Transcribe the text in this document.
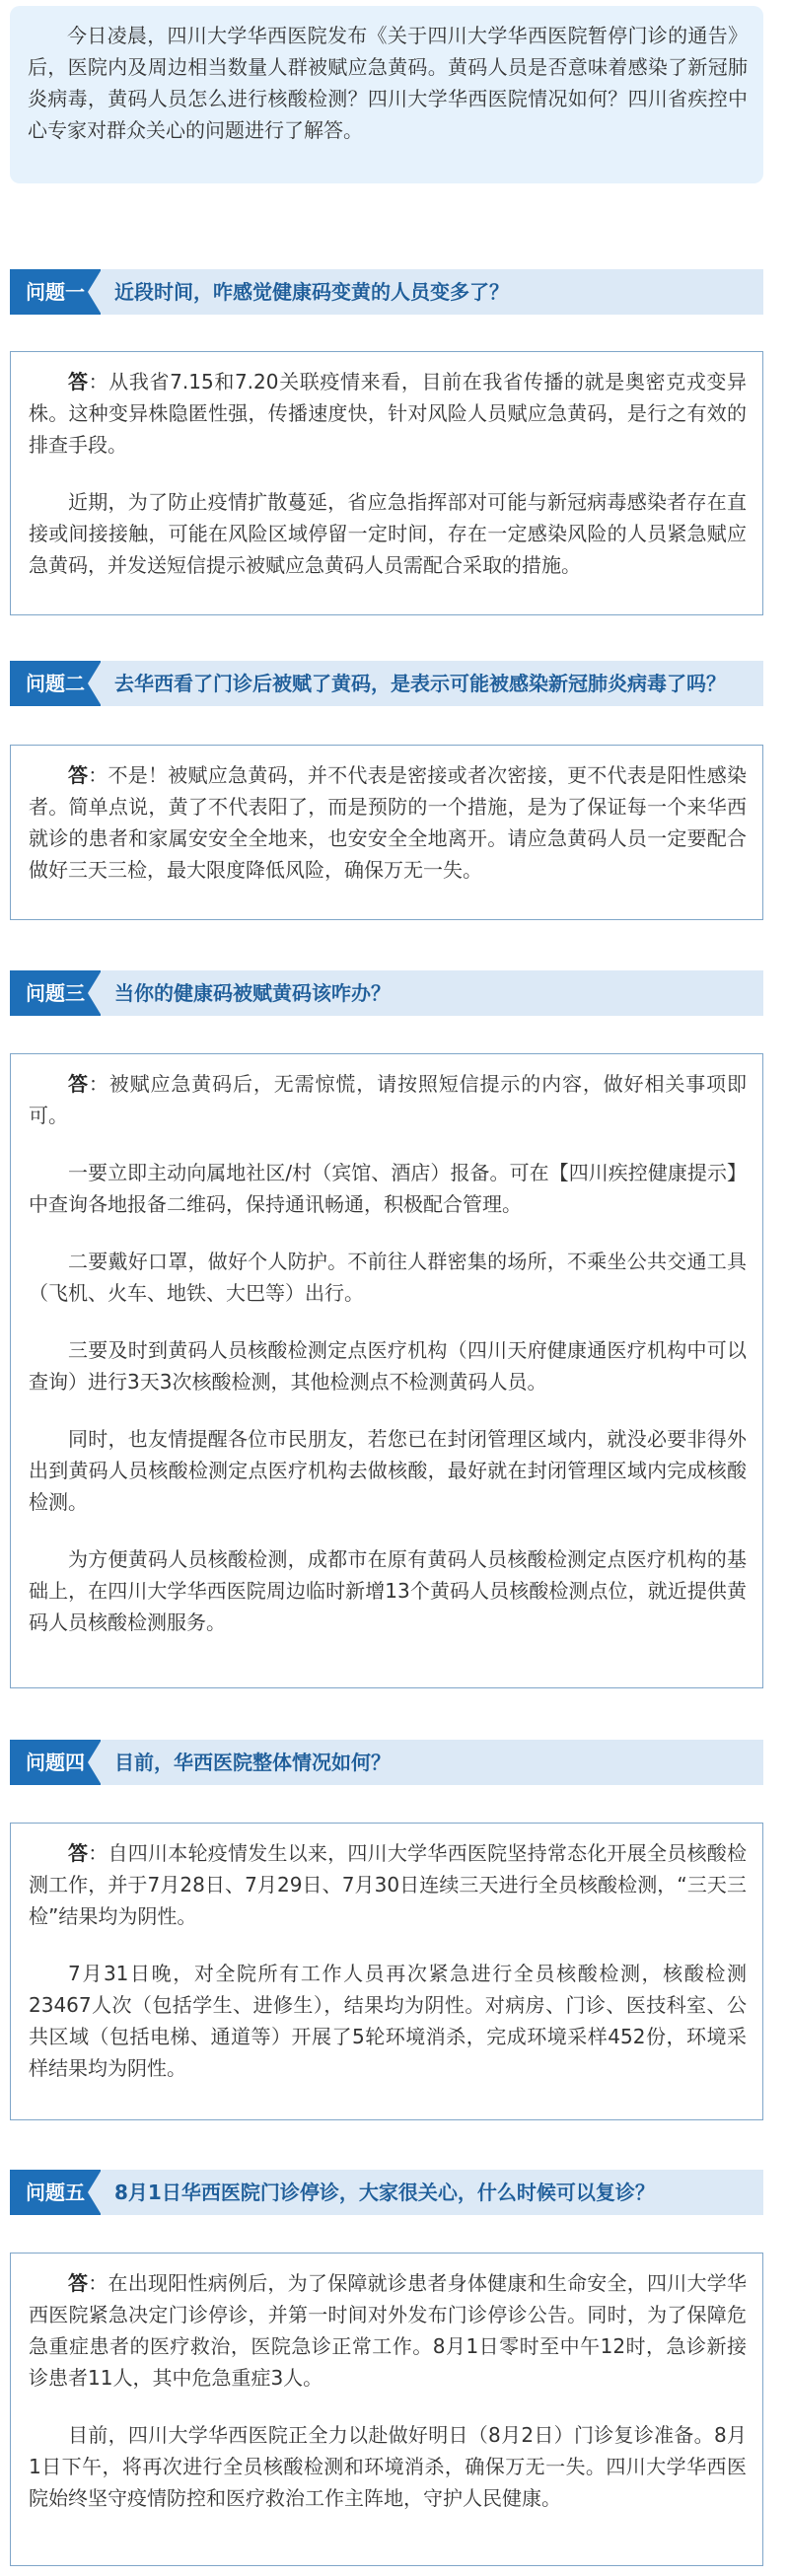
今日凌晨，四川大学华西医院发布《关于四川大学华西医院暂停门诊的通告》后，医院内及周边相当数量人群被赋应急黄码。黄码人员是否意味着感染了新冠肺炎病毒，黄码人员怎么进行核酸检测？四川大学华西医院情况如何？四川省疾控中心专家对群众关心的问题进行了解答。

问题一	近段时间，咋感觉健康码变黄的人员变多了？

答：从我省7.15和7.20关联疫情来看，目前在我省传播的就是奥密克戎变异株。这种变异株隐匿性强，传播速度快，针对风险人员赋应急黄码，是行之有效的排查手段。

近期，为了防止疫情扩散蔓延，省应急指挥部对可能与新冠病毒感染者存在直接或间接接触，可能在风险区域停留一定时间，存在一定感染风险的人员紧急赋应急黄码，并发送短信提示被赋应急黄码人员需配合采取的措施。

问题二	去华西看了门诊后被赋了黄码，是表示可能被感染新冠肺炎病毒了吗？

答：不是！被赋应急黄码，并不代表是密接或者次密接，更不代表是阳性感染者。简单点说，黄了不代表阳了，而是预防的一个措施，是为了保证每一个来华西就诊的患者和家属安安全全地来，也安安全全地离开。请应急黄码人员一定要配合做好三天三检，最大限度降低风险，确保万无一失。

问题三	当你的健康码被赋黄码该咋办？

答：被赋应急黄码后，无需惊慌，请按照短信提示的内容，做好相关事项即可。

一要立即主动向属地社区/村（宾馆、酒店）报备。可在【四川疾控健康提示】中查询各地报备二维码，保持通讯畅通，积极配合管理。

二要戴好口罩，做好个人防护。不前往人群密集的场所，不乘坐公共交通工具（飞机、火车、地铁、大巴等）出行。

三要及时到黄码人员核酸检测定点医疗机构（四川天府健康通医疗机构中可以查询）进行3天3次核酸检测，其他检测点不检测黄码人员。

同时，也友情提醒各位市民朋友，若您已在封闭管理区域内，就没必要非得外出到黄码人员核酸检测定点医疗机构去做核酸，最好就在封闭管理区域内完成核酸检测。

为方便黄码人员核酸检测，成都市在原有黄码人员核酸检测定点医疗机构的基础上，在四川大学华西医院周边临时新增13个黄码人员核酸检测点位，就近提供黄码人员核酸检测服务。

问题四	目前，华西医院整体情况如何？

答：自四川本轮疫情发生以来，四川大学华西医院坚持常态化开展全员核酸检测工作，并于7月28日、7月29日、7月30日连续三天进行全员核酸检测，“三天三检”结果均为阴性。

7月31日晚，对全院所有工作人员再次紧急进行全员核酸检测，核酸检测23467人次（包括学生、进修生），结果均为阴性。对病房、门诊、医技科室、公共区域（包括电梯、通道等）开展了5轮环境消杀，完成环境采样452份，环境采样结果均为阴性。

问题五	8月1日华西医院门诊停诊，大家很关心，什么时候可以复诊？

答：在出现阳性病例后，为了保障就诊患者身体健康和生命安全，四川大学华西医院紧急决定门诊停诊，并第一时间对外发布门诊停诊公告。同时，为了保障危急重症患者的医疗救治，医院急诊正常工作。8月1日零时至中午12时，急诊新接诊患者11人，其中危急重症3人。

目前，四川大学华西医院正全力以赴做好明日（8月2日）门诊复诊准备。8月1日下午，将再次进行全员核酸检测和环境消杀，确保万无一失。四川大学华西医院始终坚守疫情防控和医疗救治工作主阵地，守护人民健康。
